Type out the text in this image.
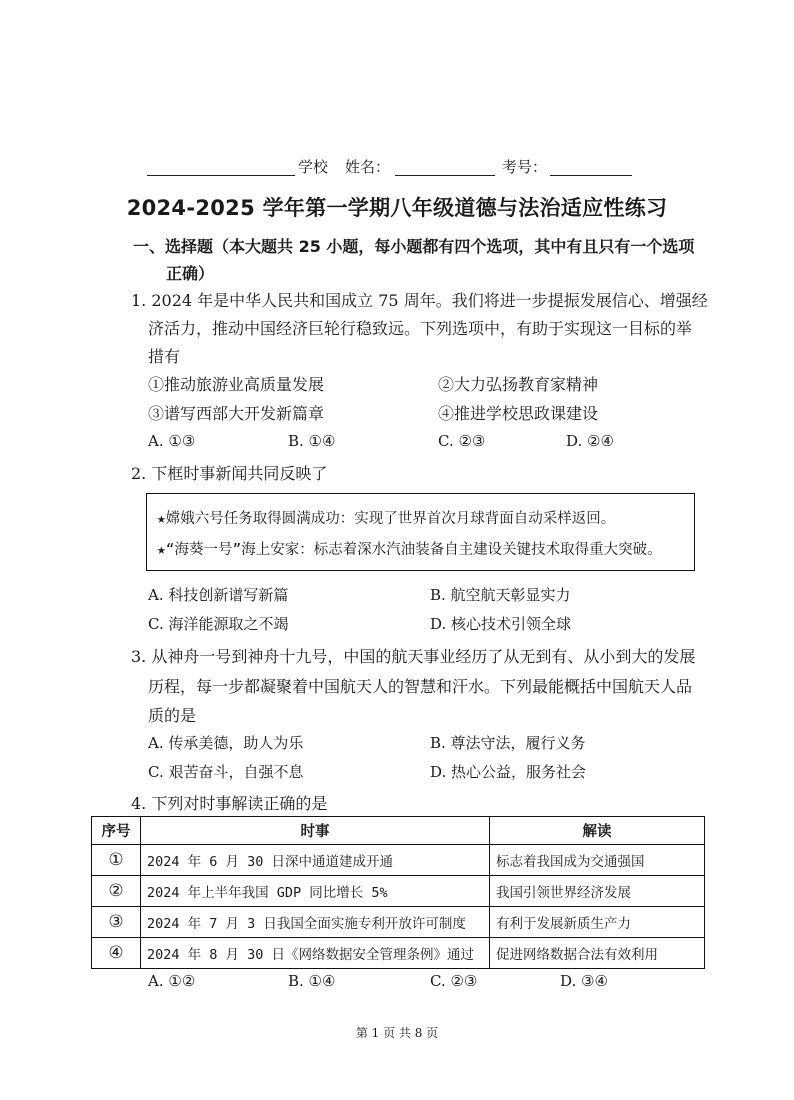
学校 姓名：	考号：
2024-2025 学年第一学期八年级道德与法治适应性练习
一、选择题（本大题共 25 小题，每小题都有四个选项，其中有且只有一个选项
正确）
1. 2024 年是中华人民共和国成立 75 周年。我们将进一步提振发展信心、增强经
济活力，推动中国经济巨轮行稳致远。下列选项中，有助于实现这一目标的举
措有
①推动旅游业高质量发展	②大力弘扬教育家精神
③谱写西部大开发新篇章	④推进学校思政课建设
A. ①③	B. ①④	C. ②③	D. ②④
2. 下框时事新闻共同反映了
★嫦娥六号任务取得圆满成功：实现了世界首次月球背面自动采样返回。
★“海葵一号”海上安家：标志着深水汽油装备自主建设关键技术取得重大突破。
A. 科技创新谱写新篇	B. 航空航天彰显实力
C. 海洋能源取之不竭	D. 核心技术引领全球
3. 从神舟一号到神舟十九号，中国的航天事业经历了从无到有、从小到大的发展
历程，每一步都凝聚着中国航天人的智慧和汗水。下列最能概括中国航天人品
质的是
A. 传承美德，助人为乐	B. 尊法守法，履行义务
C. 艰苦奋斗，自强不息	D. 热心公益，服务社会
4. 下列对时事解读正确的是
序号	时事	解读
①	2024 年 6 月 30 日深中通道建成开通	标志着我国成为交通强国
②	2024 年上半年我国 GDP 同比增长 5%	我国引领世界经济发展
③	2024 年 7 月 3 日我国全面实施专利开放许可制度	有利于发展新质生产力
④	2024 年 8 月 30 日《网络数据安全管理条例》通过	促进网络数据合法有效利用
A. ①②	B. ①④	C. ②③	D. ③④
第 1 页 共 8 页
